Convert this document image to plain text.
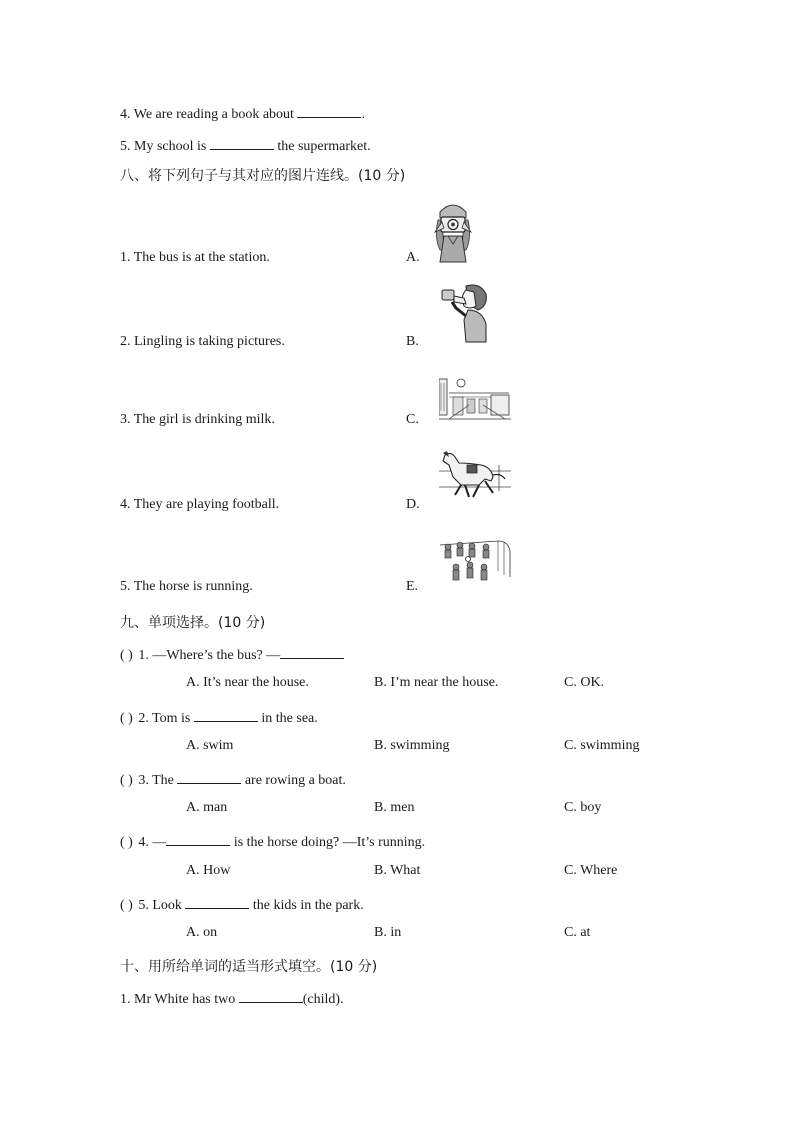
4. We are reading a book about	.
5. My school is	the supermarket.
八、将下列句子与其对应的图片连线。(10 分)
1. The bus is at the station.	A.
2. Lingling is taking pictures.	B.
3. The girl is drinking milk.	C.
4. They are playing football.	D.
5. The horse is running.	E.
九、单项选择。(10 分)
( ) 1. —Where’s the bus? —
A. It’s near the house.	B. I’m near the house.	C. OK.
( ) 2. Tom is	in the sea.
A. swim	B. swimming	C. swimming
( ) 3. The	are rowing a boat.
A. man	B. men	C. boy
( ) 4. —	is the horse doing? —It’s running.
A. How	B. What	C. Where
( ) 5. Look	the kids in the park.
A. on	B. in	C. at
十、用所给单词的适当形式填空。(10 分)
1. Mr White has two	(child).
